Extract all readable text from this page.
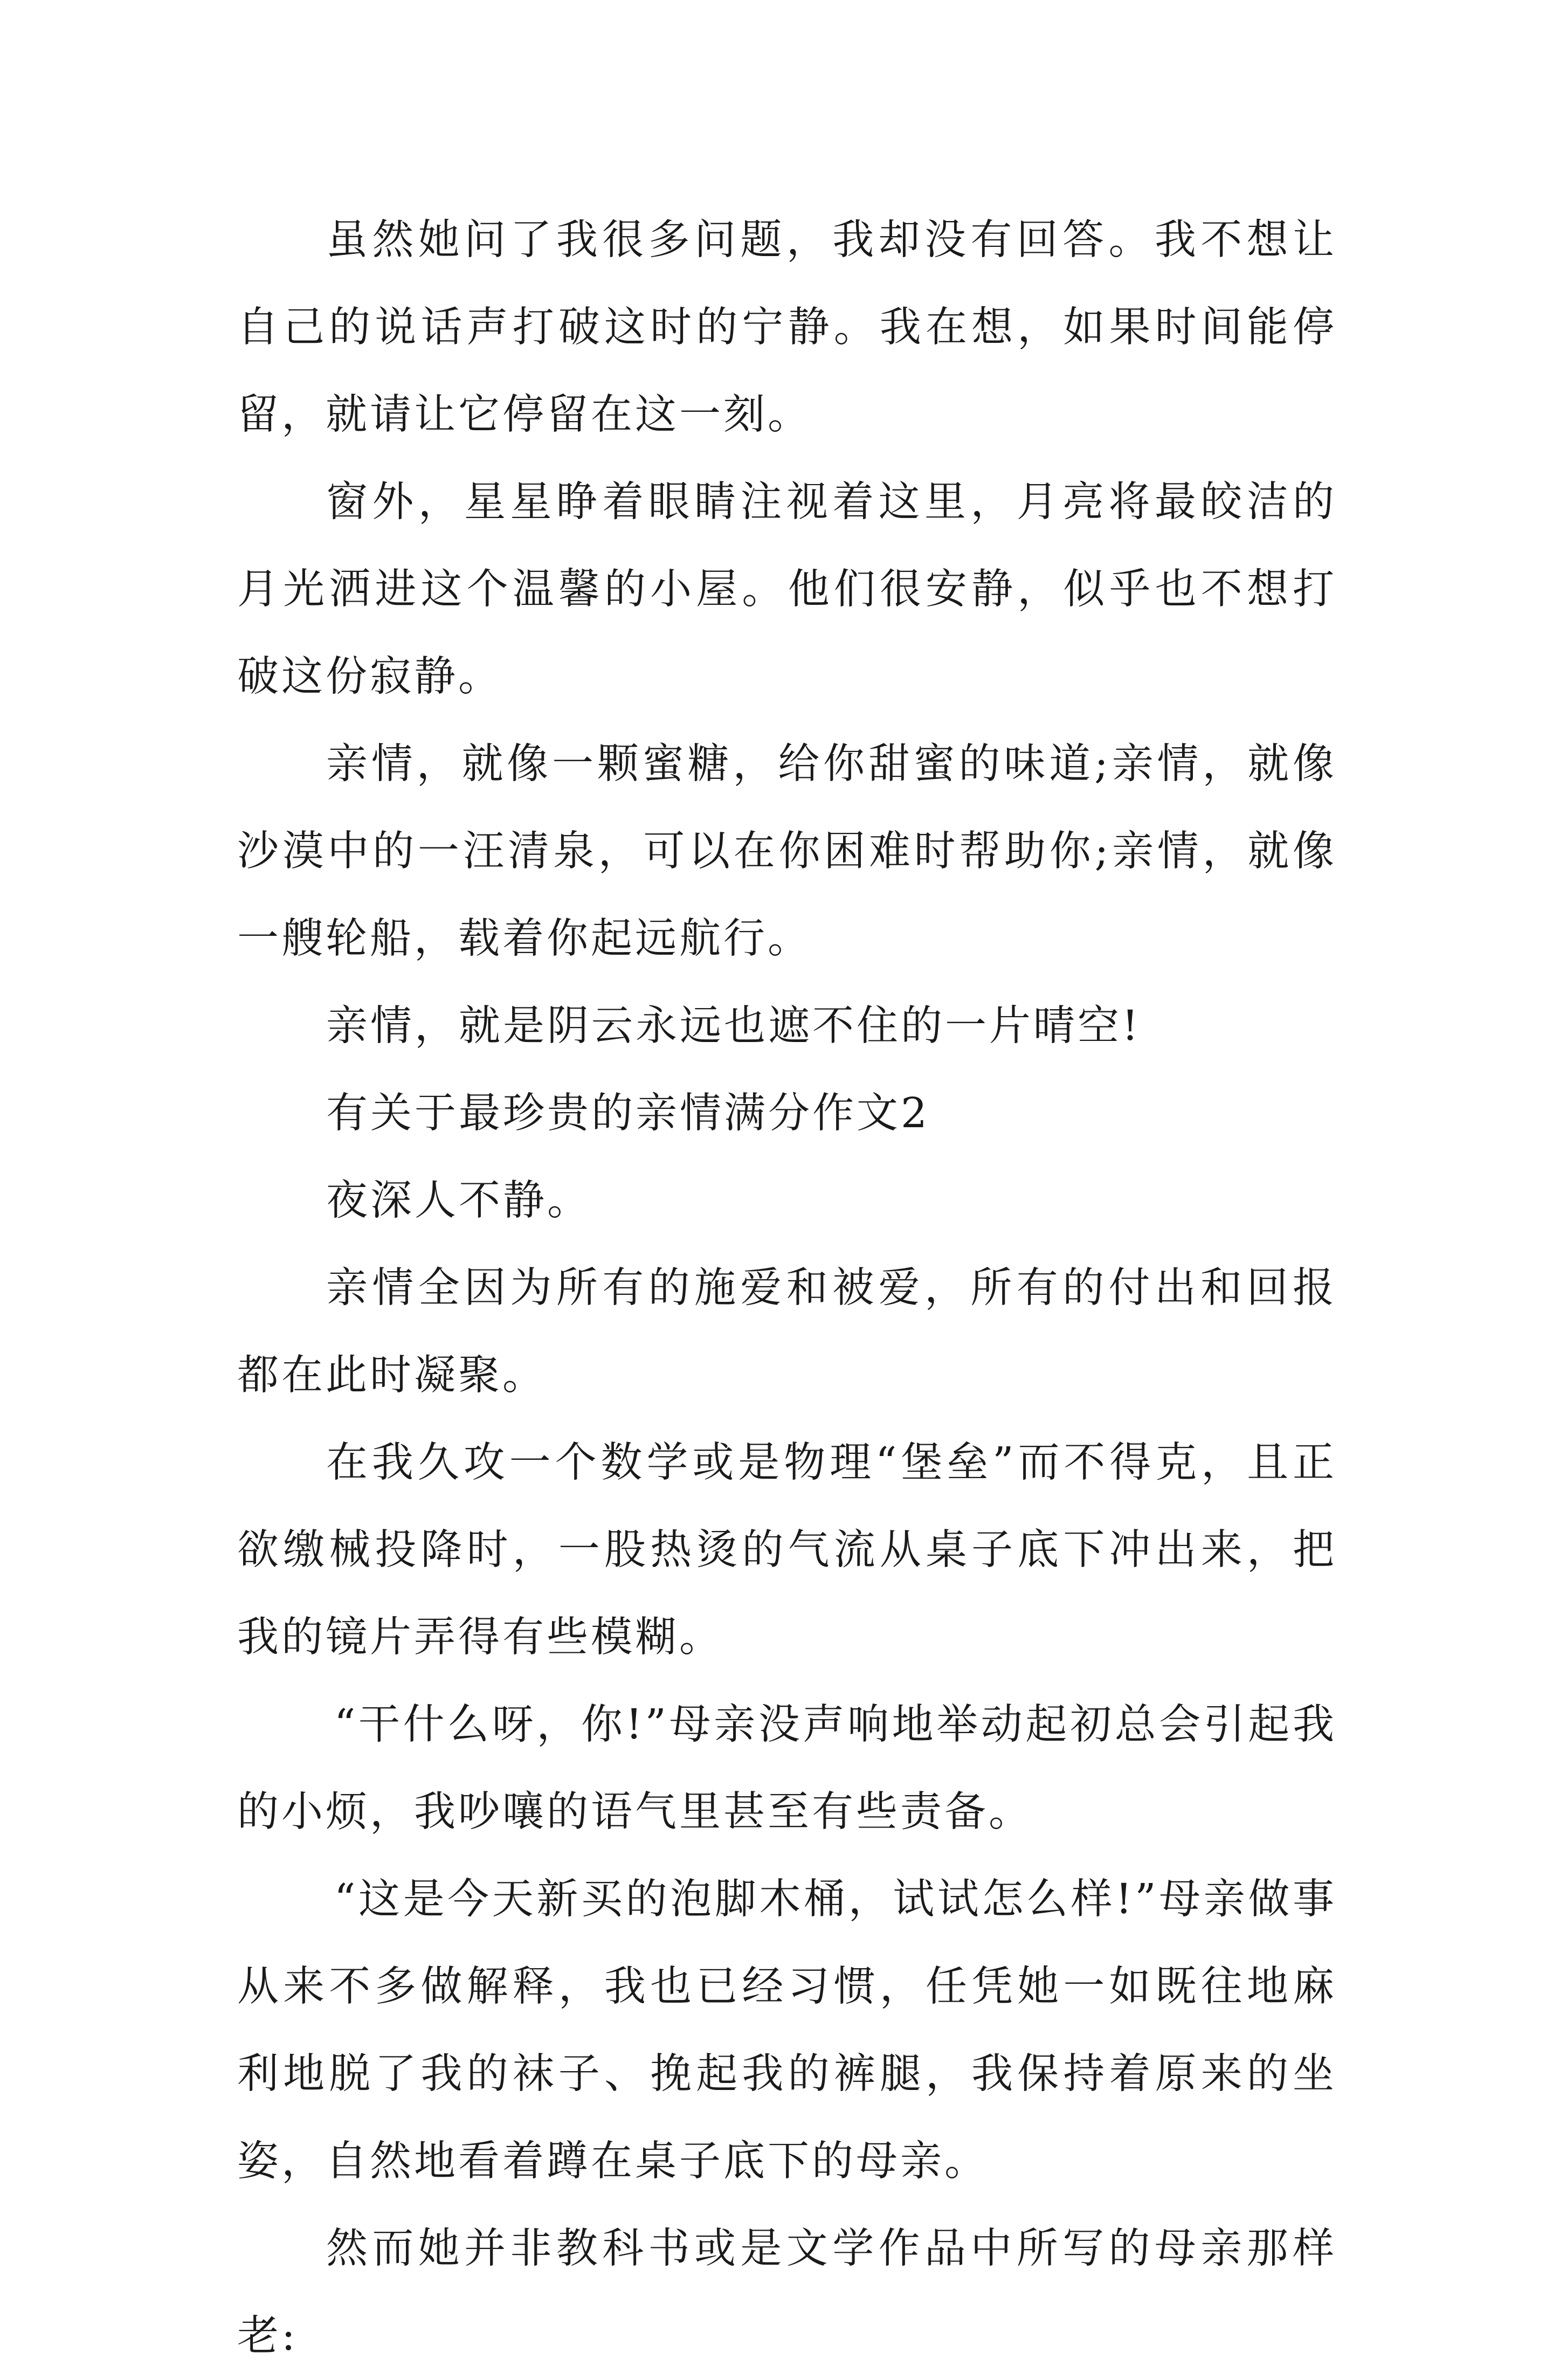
虽然她问了我很多问题，我却没有回答。我不想让自己的说话声打破这时的宁静。我在想，如果时间能停留，就请让它停留在这一刻。

窗外，星星睁着眼睛注视着这里，月亮将最皎洁的月光洒进这个温馨的小屋。他们很安静，似乎也不想打破这份寂静。

亲情，就像一颗蜜糖，给你甜蜜的味道;亲情，就像沙漠中的一汪清泉，可以在你困难时帮助你;亲情，就像一艘轮船，载着你起远航行。

亲情，就是阴云永远也遮不住的一片晴空!

有关于最珍贵的亲情满分作文2

夜深人不静。

亲情全因为所有的施爱和被爱，所有的付出和回报都在此时凝聚。

在我久攻一个数学或是物理“堡垒”而不得克，且正欲缴械投降时，一股热烫的气流从桌子底下冲出来，把我的镜片弄得有些模糊。

“干什么呀，你!”母亲没声响地举动起初总会引起我的小烦，我吵嚷的语气里甚至有些责备。

“这是今天新买的泡脚木桶，试试怎么样!”母亲做事从来不多做解释，我也已经习惯，任凭她一如既往地麻利地脱了我的袜子、挽起我的裤腿，我保持着原来的坐姿，自然地看着蹲在桌子底下的母亲。

然而她并非教科书或是文学作品中所写的母亲那样老:
